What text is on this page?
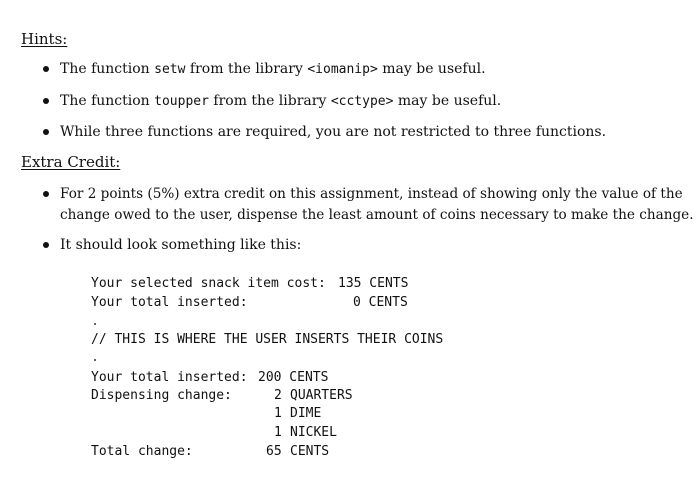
Hints:
The function setw from the library <iomanip> may be useful.
The function toupper from the library <cctype> may be useful.
While three functions are required, you are not restricted to three functions.
Extra Credit:
For 2 points (5%) extra credit on this assignment, instead of showing only the value of the
change owed to the user, dispense the least amount of coins necessary to make the change.
It should look something like this:
Your selected snack item cost: 135 CENTS
Your total inserted:	0 CENTS
// THIS IS WHERE THE USER INSERTS THEIR COINS
Your total inserted: 200 CENTS
Dispensing change:	2 QUARTERS
1 DIME
1 NICKEL
Total change:	65 CENTS
